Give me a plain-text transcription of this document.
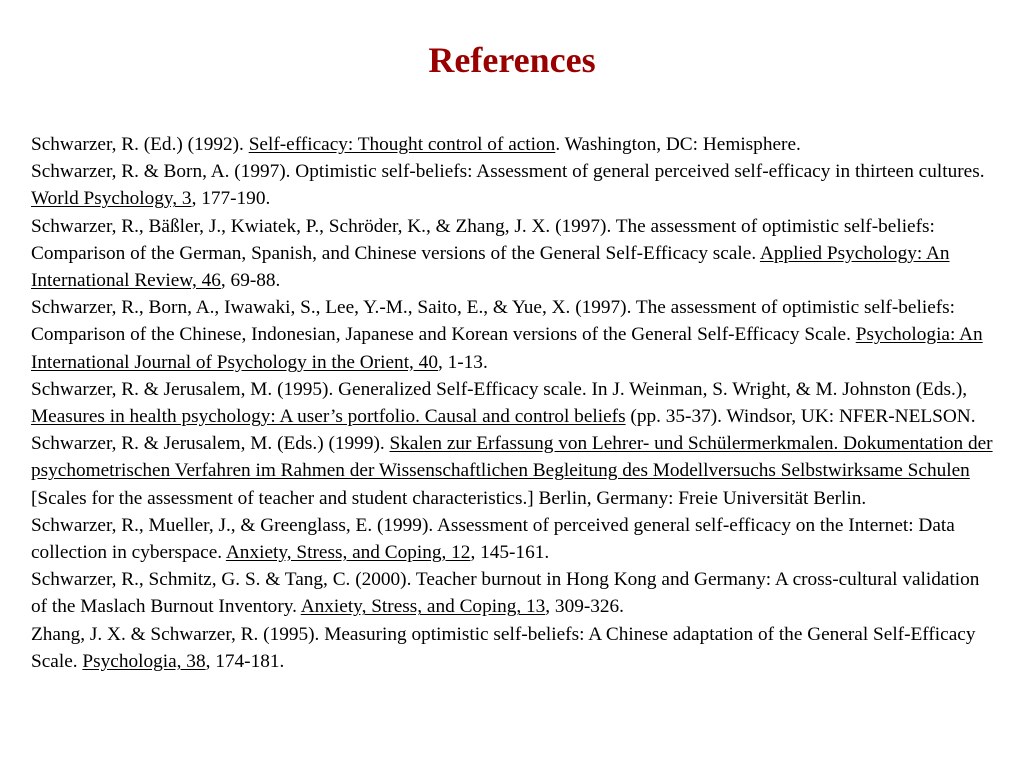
References

Schwarzer, R. (Ed.) (1992). Self-efficacy: Thought control of action. Washington, DC: Hemisphere.

Schwarzer, R. & Born, A. (1997). Optimistic self-beliefs: Assessment of general perceived self-efficacy in thirteen cultures. World Psychology, 3, 177-190.

Schwarzer, R., Bäßler, J., Kwiatek, P., Schröder, K., & Zhang, J. X. (1997). The assessment of optimistic self-beliefs: Comparison of the German, Spanish, and Chinese versions of the General Self-Efficacy scale. Applied Psychology: An International Review, 46, 69-88.

Schwarzer, R., Born, A., Iwawaki, S., Lee, Y.-M., Saito, E., & Yue, X. (1997). The assessment of optimistic self-beliefs: Comparison of the Chinese, Indonesian, Japanese and Korean versions of the General Self-Efficacy Scale. Psychologia: An International Journal of Psychology in the Orient, 40, 1-13.

Schwarzer, R. & Jerusalem, M. (1995). Generalized Self-Efficacy scale. In J. Weinman, S. Wright, & M. Johnston (Eds.), Measures in health psychology: A user’s portfolio. Causal and control beliefs (pp. 35-37). Windsor, UK: NFER-NELSON.

Schwarzer, R. & Jerusalem, M. (Eds.) (1999). Skalen zur Erfassung von Lehrer- und Schülermerkmalen. Dokumentation der psychometrischen Verfahren im Rahmen der Wissenschaftlichen Begleitung des Modellversuchs Selbstwirksame Schulen [Scales for the assessment of teacher and student characteristics.] Berlin, Germany: Freie Universität Berlin.

Schwarzer, R., Mueller, J., & Greenglass, E. (1999). Assessment of perceived general self-efficacy on the Internet: Data collection in cyberspace. Anxiety, Stress, and Coping, 12, 145-161.

Schwarzer, R., Schmitz, G. S. & Tang, C. (2000). Teacher burnout in Hong Kong and Germany: A cross-cultural validation of the Maslach Burnout Inventory. Anxiety, Stress, and Coping, 13, 309-326.

Zhang, J. X. & Schwarzer, R. (1995). Measuring optimistic self-beliefs: A Chinese adaptation of the General Self-Efficacy Scale. Psychologia, 38, 174-181.
